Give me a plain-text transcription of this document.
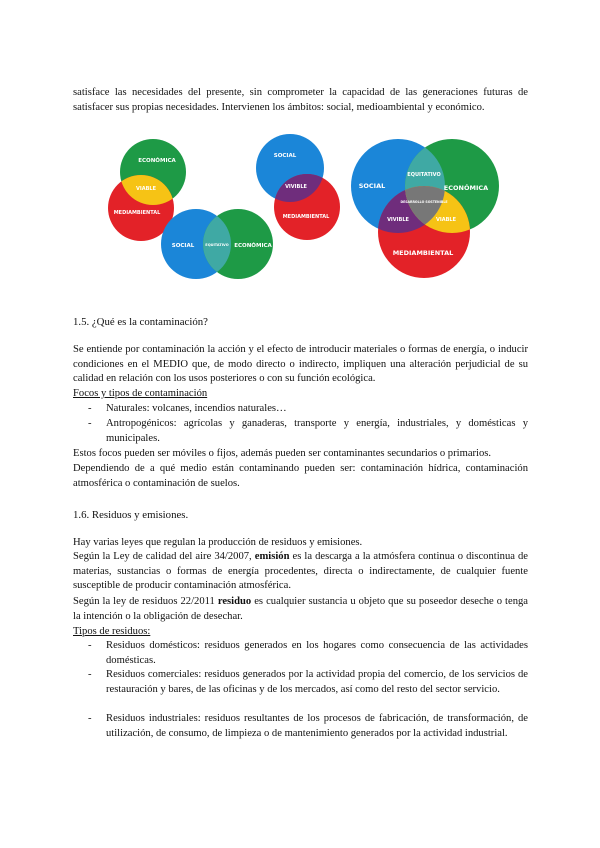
satisface las necesidades del presente, sin comprometer la capacidad de las generaciones futuras de satisfacer sus propias necesidades. Intervienen los ámbitos: social, medioambiental y económico.

ECONÓMICA
VIABLE
MEDIAMBIENTAL
SOCIAL	EQUITATIVO ECONÓMICA
SOCIAL
VIVIBLE
MEDIAMBIENTAL
SOCIAL	ECONÓMICA
MEDIAMBIENTAL
EQUITATIVO
VIVIBLE	VIABLE
DESARROLLO SOSTENIBLE

1.5. ¿Qué es la contaminación?

Se entiende por contaminación la acción y el efecto de introducir materiales o formas de energía, o inducir condiciones en el MEDIO que, de modo directo o indirecto, impliquen una alteración perjudicial de su calidad en relación con los usos posteriores o con su función ecológica.

Focos y tipos de contaminación

- Naturales: volcanes, incendios naturales…
- Antropogénicos: agrícolas y ganaderas, transporte y energía, industriales, y domésticas y municipales.

Estos focos pueden ser móviles o fijos, además pueden ser contaminantes secundarios o primarios.

Dependiendo de a qué medio están contaminando pueden ser: contaminación hídrica, contaminación atmosférica o contaminación de suelos.

1.6. Residuos y emisiones.

Hay varias leyes que regulan la producción de residuos y emisiones.

Según la Ley de calidad del aire 34/2007, emisión es la descarga a la atmósfera continua o discontinua de materias, sustancias o formas de energía procedentes, directa o indirectamente, de cualquier fuente susceptible de producir contaminación atmosférica.

Según la ley de residuos 22/2011 residuo es cualquier sustancia u objeto que su poseedor deseche o tenga la intención o la obligación de desechar.

Tipos de residuos:

- Residuos domésticos: residuos generados en los hogares como consecuencia de las actividades domésticas.
- Residuos comerciales: residuos generados por la actividad propia del comercio, de los servicios de restauración y bares, de las oficinas y de los mercados, así como del resto del sector servicio.
- Residuos industriales: residuos resultantes de los procesos de fabricación, de transformación, de utilización, de consumo, de limpieza o de mantenimiento generados por la actividad industrial.
